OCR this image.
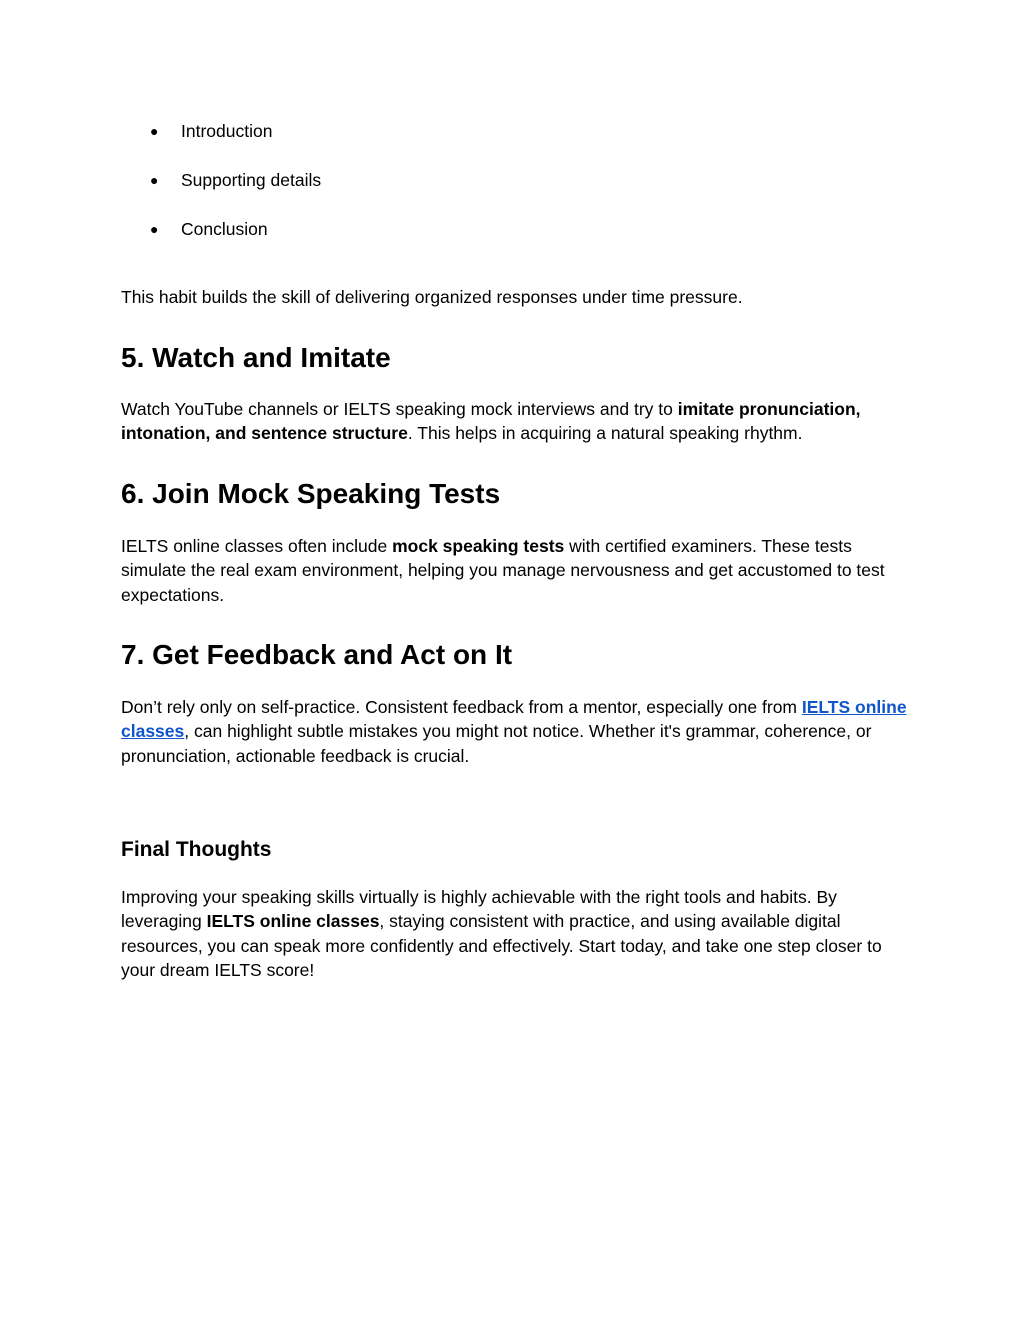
● Introduction
● Supporting details
● Conclusion

This habit builds the skill of delivering organized responses under time pressure.

5. Watch and Imitate

Watch YouTube channels or IELTS speaking mock interviews and try to imitate pronunciation, intonation, and sentence structure. This helps in acquiring a natural speaking rhythm.

6. Join Mock Speaking Tests

IELTS online classes often include mock speaking tests with certified examiners. These tests simulate the real exam environment, helping you manage nervousness and get accustomed to test expectations.

7. Get Feedback and Act on It

Don’t rely only on self-practice. Consistent feedback from a mentor, especially one from IELTS online classes, can highlight subtle mistakes you might not notice. Whether it's grammar, coherence, or pronunciation, actionable feedback is crucial.

Final Thoughts

Improving your speaking skills virtually is highly achievable with the right tools and habits. By leveraging IELTS online classes, staying consistent with practice, and using available digital resources, you can speak more confidently and effectively. Start today, and take one step closer to your dream IELTS score!
